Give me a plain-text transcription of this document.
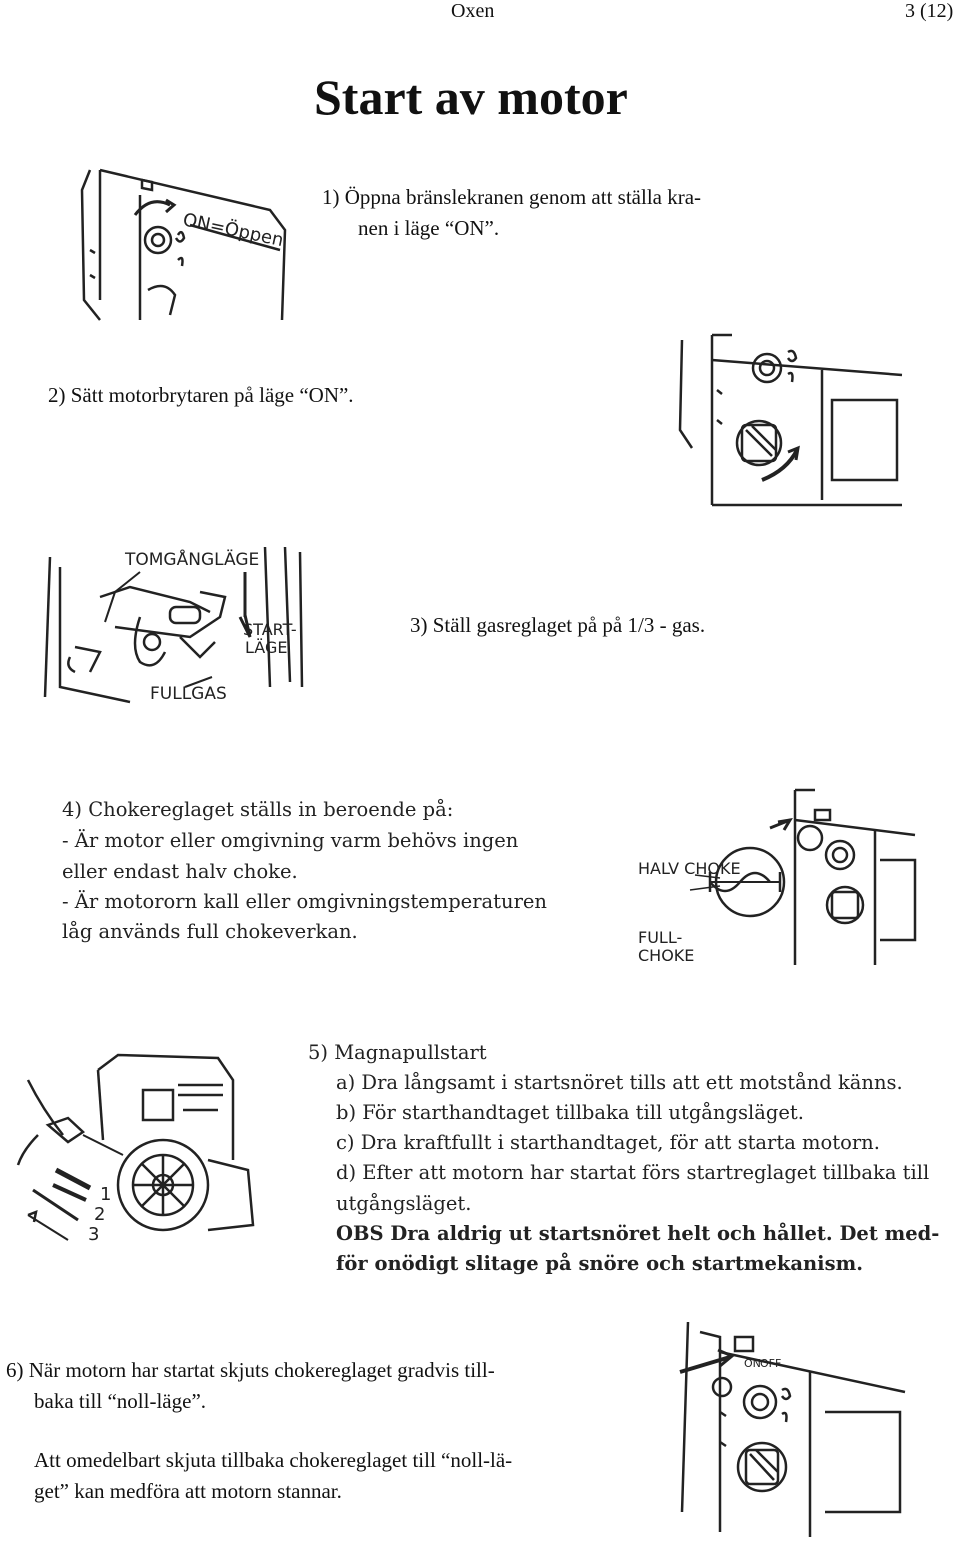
Oxen	3 (12)
Start av motor
ON=Öppen
1) Öppna bränslekranen genom att ställa kra-
nen i läge “ON”.
2) Sätt motorbrytaren på läge “ON”.
TOMGÅNGLÄGE
START-
LÄGE
FULLGAS
3) Ställ gasreglaget på på 1/3 - gas.
4) Chokereglaget ställs in beroende på:
- Är motor eller omgivning varm behövs ingen
eller endast halv choke.
- Är motororn kall eller omgivningstemperaturen
låg används full chokeverkan.
HALV CHOKE
FULL-
CHOKE
1
2
3
5) Magnapullstart
a) Dra långsamt i startsnöret tills att ett motstånd känns.
b) För starthandtaget tillbaka till utgångsläget.
c) Dra kraftfullt i starthandtaget, för att starta motorn.
d) Efter att motorn har startat förs startreglaget tillbaka till
utgångsläget.
OBS Dra aldrig ut startsnöret helt och hållet. Det med-
för onödigt slitage på snöre och startmekanism.
6) När motorn har startat skjuts chokereglaget gradvis till-
baka till “noll-läge”.
Att omedelbart skjuta tillbaka chokereglaget till “noll-lä-
get” kan medföra att motorn stannar.
ON OFF
